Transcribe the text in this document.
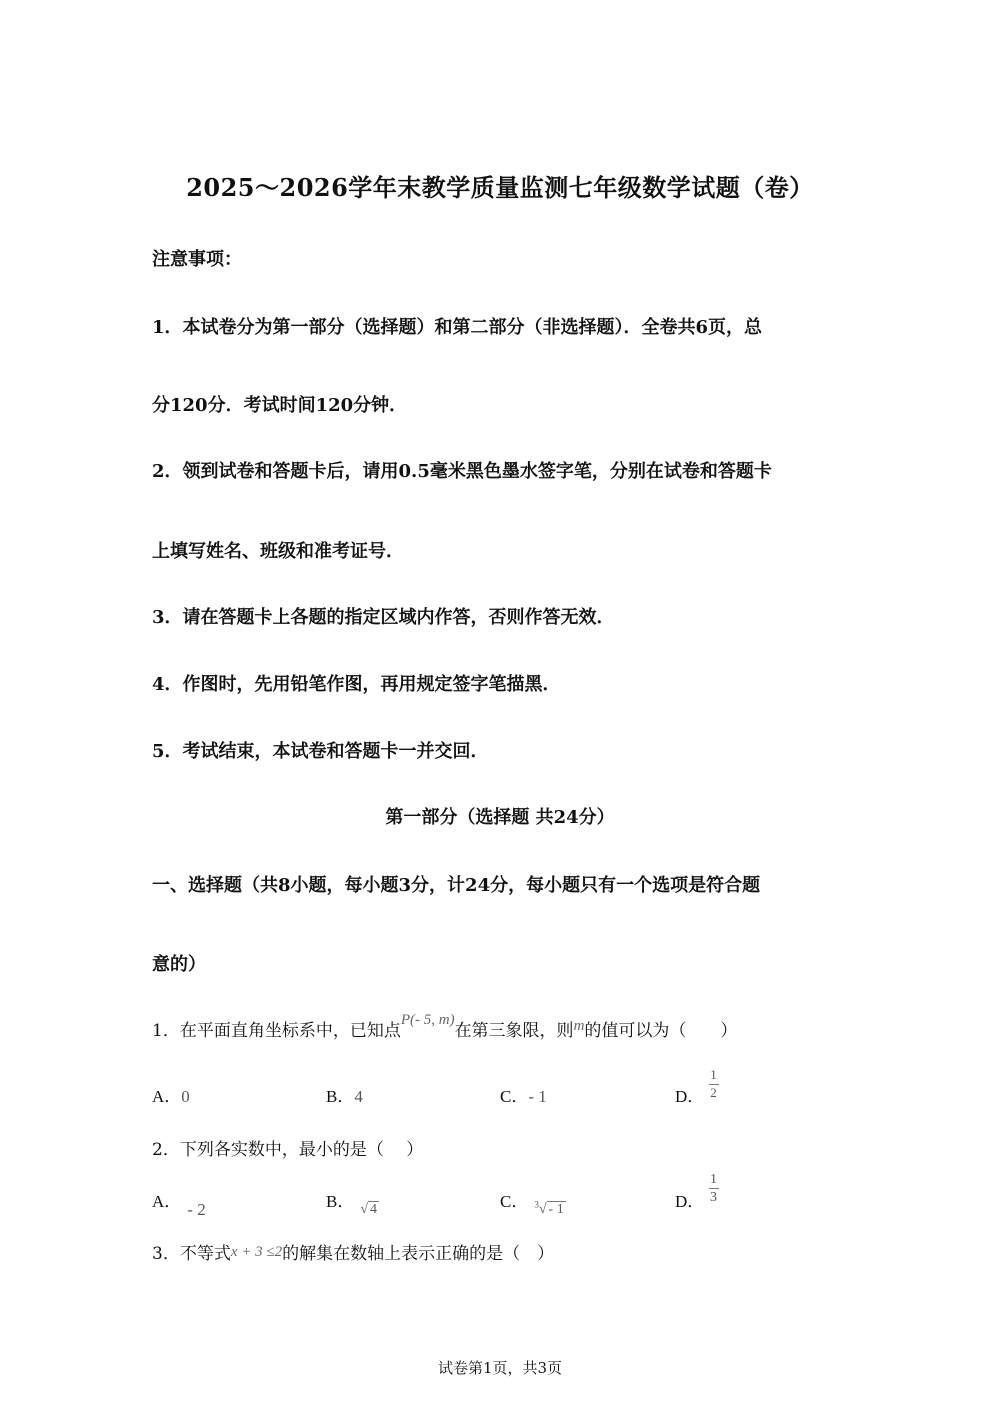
2025～2026学年末教学质量监测七年级数学试题（卷）
注意事项：
1．本试卷分为第一部分（选择题）和第二部分（非选择题）．全卷共6页，总
分120分．考试时间120分钟．
2．领到试卷和答题卡后，请用0.5毫米黑色墨水签字笔，分别在试卷和答题卡
上填写姓名、班级和准考证号．
3．请在答题卡上各题的指定区域内作答，否则作答无效．
4．作图时，先用铅笔作图，再用规定签字笔描黑．
5．考试结束，本试卷和答题卡一并交回．
第一部分（选择题 共24分）
一、选择题（共8小题，每小题3分，计24分，每小题只有一个选项是符合题
意的）
1．在平面直角坐标系中，已知点P(- 5, m)在第三象限，则m的值可以为（　　）
A．0	B．4	C．- 1	D． $\frac{1}{2}$
2．下列各实数中，最小的是（　 ）
A． - 2	B． $_{√ 4}$	C． $_{^3√ - 1}$	D． $\frac{1}{3}$
3．不等式x + 3 ≤2的解集在数轴上表示正确的是（　）
试卷第1页，共3页
